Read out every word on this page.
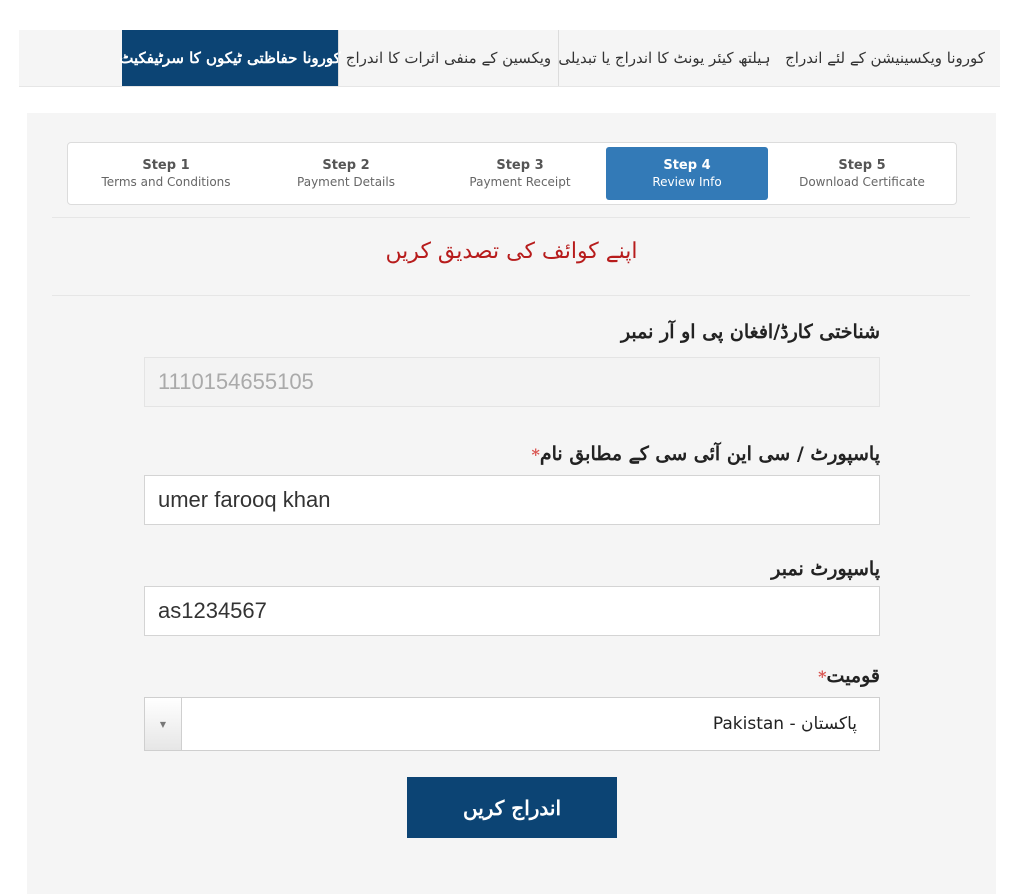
کورونا ویکسینیشن کے لئے اندراج
ہیلتھ کیئر یونٹ کا اندراج یا تبدیلی
ویکسین کے منفی اثرات کا اندراج
کورونا حفاظتی ٹیکوں کا سرٹیفکیٹ
Step 1
Terms and Conditions
Step 2
Payment Details
Step 3
Payment Receipt
Step 4
Review Info
Step 5
Download Certificate
اپنے کوائف کی تصدیق کریں
شناختی کارڈ/افغان پی او آر نمبر
1110154655105
پاسپورٹ / سی این آئی سی کے مطابق نام*
umer farooq khan
پاسپورٹ نمبر
as1234567
قومیت*
▼	Pakistan - پاکستان
اندراج کریں
